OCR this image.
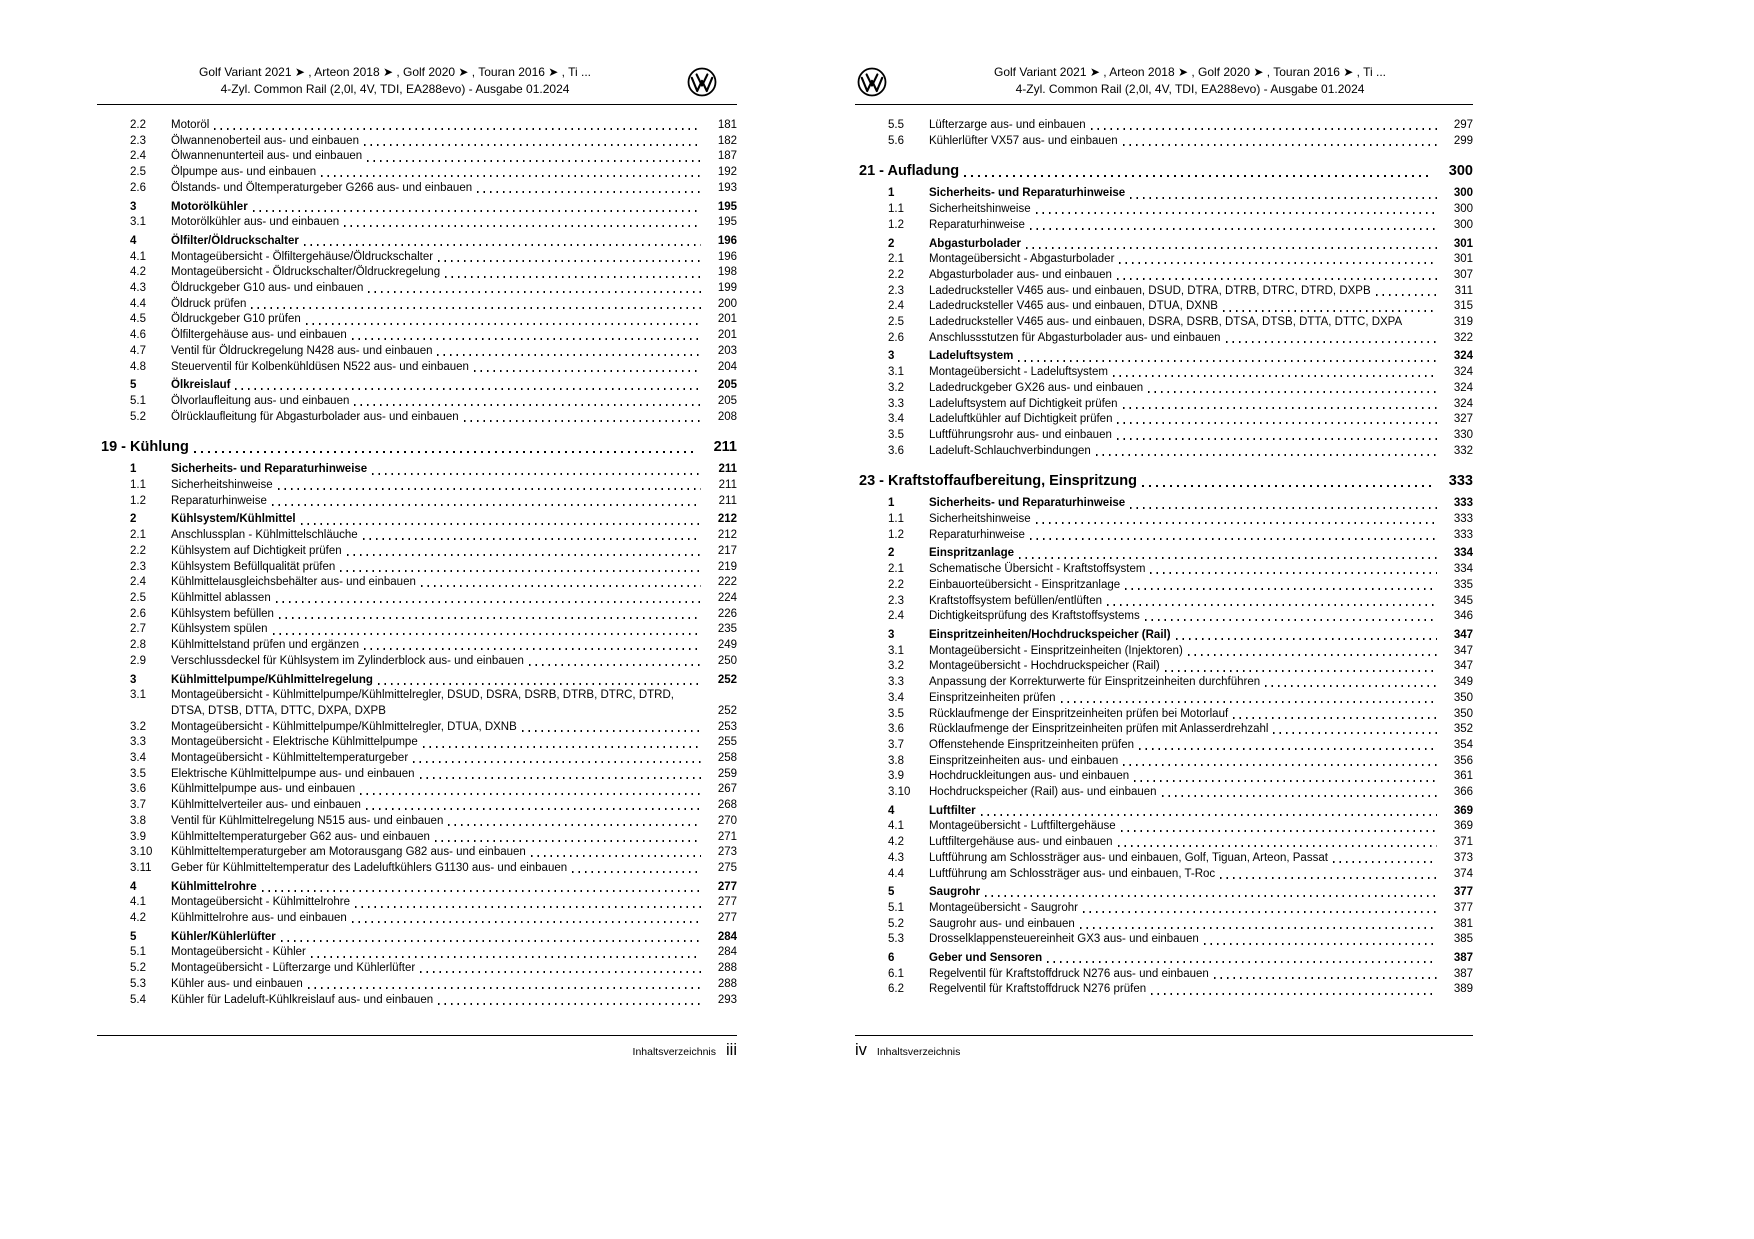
Golf Variant 2021 ➤ , Arteon 2018 ➤ , Golf 2020 ➤ , Touran 2016 ➤ , Ti ...
4-Zyl. Common Rail (2,0l, 4V, TDI, EA288evo) - Ausgabe 01.2024
2.2	Motoröl	181
2.3	Ölwannenoberteil aus- und einbauen	182
2.4	Ölwannenunterteil aus- und einbauen	187
2.5	Ölpumpe aus- und einbauen	192
2.6	Ölstands- und Öltemperaturgeber G266 aus- und einbauen	193
3	Motorölkühler	195
3.1	Motorölkühler aus- und einbauen	195
4	Ölfilter/Öldruckschalter	196
4.1	Montageübersicht - Ölfiltergehäuse/Öldruckschalter	196
4.2	Montageübersicht - Öldruckschalter/Öldruckregelung	198
4.3	Öldruckgeber G10 aus- und einbauen	199
4.4	Öldruck prüfen	200
4.5	Öldruckgeber G10 prüfen	201
4.6	Ölfiltergehäuse aus- und einbauen	201
4.7	Ventil für Öldruckregelung N428 aus- und einbauen	203
4.8	Steuerventil für Kolbenkühldüsen N522 aus- und einbauen	204
5	Ölkreislauf	205
5.1	Ölvorlaufleitung aus- und einbauen	205
5.2	Ölrücklaufleitung für Abgasturbolader aus- und einbauen	208
19 - Kühlung	211
1	Sicherheits- und Reparaturhinweise	211
1.1	Sicherheitshinweise	211
1.2	Reparaturhinweise	211
2	Kühlsystem/Kühlmittel	212
2.1	Anschlussplan - Kühlmittelschläuche	212
2.2	Kühlsystem auf Dichtigkeit prüfen	217
2.3	Kühlsystem Befüllqualität prüfen	219
2.4	Kühlmittelausgleichsbehälter aus- und einbauen	222
2.5	Kühlmittel ablassen	224
2.6	Kühlsystem befüllen	226
2.7	Kühlsystem spülen	235
2.8	Kühlmittelstand prüfen und ergänzen	249
2.9	Verschlussdeckel für Kühlsystem im Zylinderblock aus- und einbauen	250
3	Kühlmittelpumpe/Kühlmittelregelung	252
3.1	Montageübersicht - Kühlmittelpumpe/Kühlmittelregler, DSUD, DSRA, DSRB, DTRB, DTRC, DTRD, DTSA, DTSB, DTTA, DTTC, DXPA, DXPB	252
3.2	Montageübersicht - Kühlmittelpumpe/Kühlmittelregler, DTUA, DXNB	253
3.3	Montageübersicht - Elektrische Kühlmittelpumpe	255
3.4	Montageübersicht - Kühlmitteltemperaturgeber	258
3.5	Elektrische Kühlmittelpumpe aus- und einbauen	259
3.6	Kühlmittelpumpe aus- und einbauen	267
3.7	Kühlmittelverteiler aus- und einbauen	268
3.8	Ventil für Kühlmittelregelung N515 aus- und einbauen	270
3.9	Kühlmitteltemperaturgeber G62 aus- und einbauen	271
3.10	Kühlmitteltemperaturgeber am Motorausgang G82 aus- und einbauen	273
3.11	Geber für Kühlmitteltemperatur des Ladeluftkühlers G1130 aus- und einbauen	275
4	Kühlmittelrohre	277
4.1	Montageübersicht - Kühlmittelrohre	277
4.2	Kühlmittelrohre aus- und einbauen	277
5	Kühler/Kühlerlüfter	284
5.1	Montageübersicht - Kühler	284
5.2	Montageübersicht - Lüfterzarge und Kühlerlüfter	288
5.3	Kühler aus- und einbauen	288
5.4	Kühler für Ladeluft-Kühlkreislauf aus- und einbauen	293
Inhaltsverzeichnis iii
Golf Variant 2021 ➤ , Arteon 2018 ➤ , Golf 2020 ➤ , Touran 2016 ➤ , Ti ...
4-Zyl. Common Rail (2,0l, 4V, TDI, EA288evo) - Ausgabe 01.2024
5.5	Lüfterzarge aus- und einbauen	297
5.6	Kühlerlüfter VX57 aus- und einbauen	299
21 - Aufladung	300
1	Sicherheits- und Reparaturhinweise	300
1.1	Sicherheitshinweise	300
1.2	Reparaturhinweise	300
2	Abgasturbolader	301
2.1	Montageübersicht - Abgasturbolader	301
2.2	Abgasturbolader aus- und einbauen	307
2.3	Ladedrucksteller V465 aus- und einbauen, DSUD, DTRA, DTRB, DTRC, DTRD, DXPB	311
2.4	Ladedrucksteller V465 aus- und einbauen, DTUA, DXNB	315
2.5	Ladedrucksteller V465 aus- und einbauen, DSRA, DSRB, DTSA, DTSB, DTTA, DTTC, DXPA	319
2.6	Anschlussstutzen für Abgasturbolader aus- und einbauen	322
3	Ladeluftsystem	324
3.1	Montageübersicht - Ladeluftsystem	324
3.2	Ladedruckgeber GX26 aus- und einbauen	324
3.3	Ladeluftsystem auf Dichtigkeit prüfen	324
3.4	Ladeluftkühler auf Dichtigkeit prüfen	327
3.5	Luftführungsrohr aus- und einbauen	330
3.6	Ladeluft-Schlauchverbindungen	332
23 - Kraftstoffaufbereitung, Einspritzung	333
1	Sicherheits- und Reparaturhinweise	333
1.1	Sicherheitshinweise	333
1.2	Reparaturhinweise	333
2	Einspritzanlage	334
2.1	Schematische Übersicht - Kraftstoffsystem	334
2.2	Einbauorteübersicht - Einspritzanlage	335
2.3	Kraftstoffsystem befüllen/entlüften	345
2.4	Dichtigkeitsprüfung des Kraftstoffsystems	346
3	Einspritzeinheiten/Hochdruckspeicher (Rail)	347
3.1	Montageübersicht - Einspritzeinheiten (Injektoren)	347
3.2	Montageübersicht - Hochdruckspeicher (Rail)	347
3.3	Anpassung der Korrekturwerte für Einspritzeinheiten durchführen	349
3.4	Einspritzeinheiten prüfen	350
3.5	Rücklaufmenge der Einspritzeinheiten prüfen bei Motorlauf	350
3.6	Rücklaufmenge der Einspritzeinheiten prüfen mit Anlasserdrehzahl	352
3.7	Offenstehende Einspritzeinheiten prüfen	354
3.8	Einspritzeinheiten aus- und einbauen	356
3.9	Hochdruckleitungen aus- und einbauen	361
3.10	Hochdruckspeicher (Rail) aus- und einbauen	366
4	Luftfilter	369
4.1	Montageübersicht - Luftfiltergehäuse	369
4.2	Luftfiltergehäuse aus- und einbauen	371
4.3	Luftführung am Schlossträger aus- und einbauen, Golf, Tiguan, Arteon, Passat	373
4.4	Luftführung am Schlossträger aus- und einbauen, T-Roc	374
5	Saugrohr	377
5.1	Montageübersicht - Saugrohr	377
5.2	Saugrohr aus- und einbauen	381
5.3	Drosselklappensteuereinheit GX3 aus- und einbauen	385
6	Geber und Sensoren	387
6.1	Regelventil für Kraftstoffdruck N276 aus- und einbauen	387
6.2	Regelventil für Kraftstoffdruck N276 prüfen	389
iv Inhaltsverzeichnis
